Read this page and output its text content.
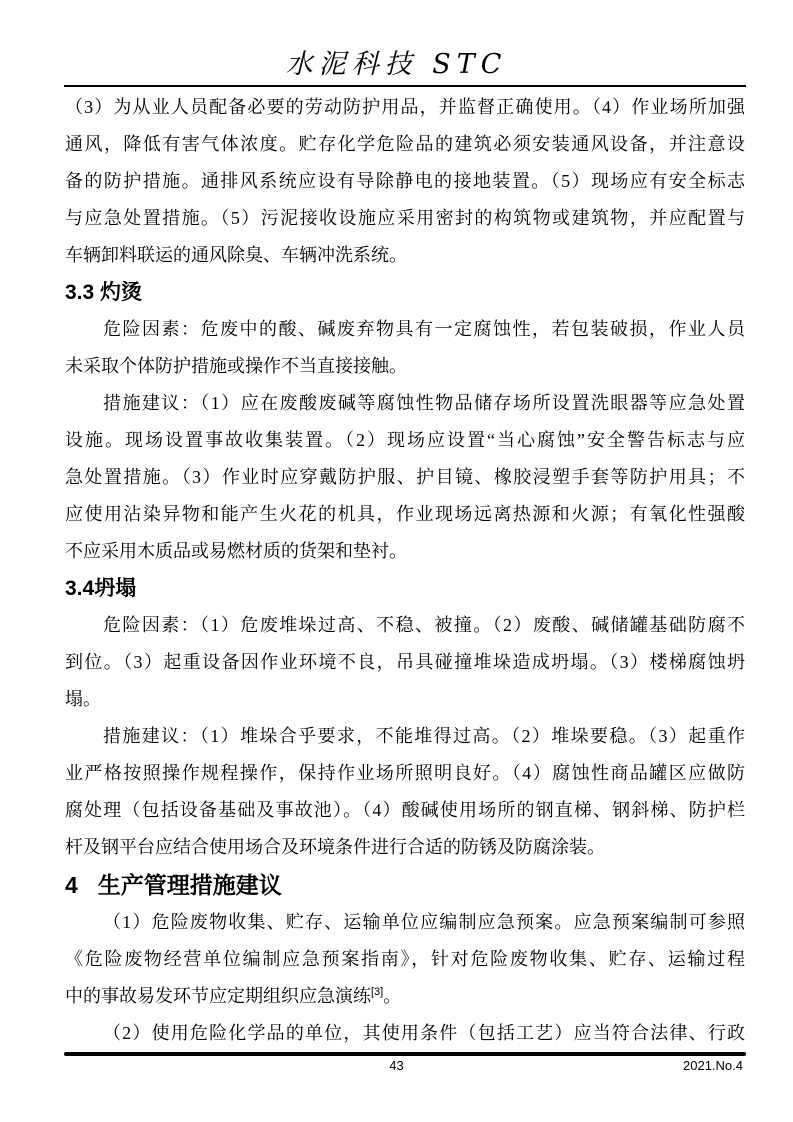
水泥科技 STC
（3）为从业人员配备必要的劳动防护用品，并监督正确使用。（4）作业场所加强
通风，降低有害气体浓度。贮存化学危险品的建筑必须安装通风设备，并注意设
备的防护措施。通排风系统应设有导除静电的接地装置。（5）现场应有安全标志
与应急处置措施。（5）污泥接收设施应采用密封的构筑物或建筑物，并应配置与
车辆卸料联运的通风除臭、车辆冲洗系统。
3.3 灼烫
危险因素：危废中的酸、碱废弃物具有一定腐蚀性，若包装破损，作业人员
未采取个体防护措施或操作不当直接接触。
措施建议：（1）应在废酸废碱等腐蚀性物品储存场所设置洗眼器等应急处置
设施。现场设置事故收集装置。（2）现场应设置“当心腐蚀”安全警告标志与应
急处置措施。（3）作业时应穿戴防护服、护目镜、橡胶浸塑手套等防护用具；不
应使用沾染异物和能产生火花的机具，作业现场远离热源和火源；有氧化性强酸
不应采用木质品或易燃材质的货架和垫衬。
3.4坍塌
危险因素：（1）危废堆垛过高、不稳、被撞。（2）废酸、碱储罐基础防腐不
到位。（3）起重设备因作业环境不良，吊具碰撞堆垛造成坍塌。（3）楼梯腐蚀坍
塌。
措施建议：（1）堆垛合乎要求，不能堆得过高。（2）堆垛要稳。（3）起重作
业严格按照操作规程操作，保持作业场所照明良好。（4）腐蚀性商品罐区应做防
腐处理（包括设备基础及事故池）。（4）酸碱使用场所的钢直梯、钢斜梯、防护栏
杆及钢平台应结合使用场合及环境条件进行合适的防锈及防腐涂装。
4 生产管理措施建议
（1）危险废物收集、贮存、运输单位应编制应急预案。应急预案编制可参照
《危险废物经营单位编制应急预案指南》，针对危险废物收集、贮存、运输过程
中的事故易发环节应定期组织应急演练[3]。
（2）使用危险化学品的单位，其使用条件（包括工艺）应当符合法律、行政
43	2021.No.4
